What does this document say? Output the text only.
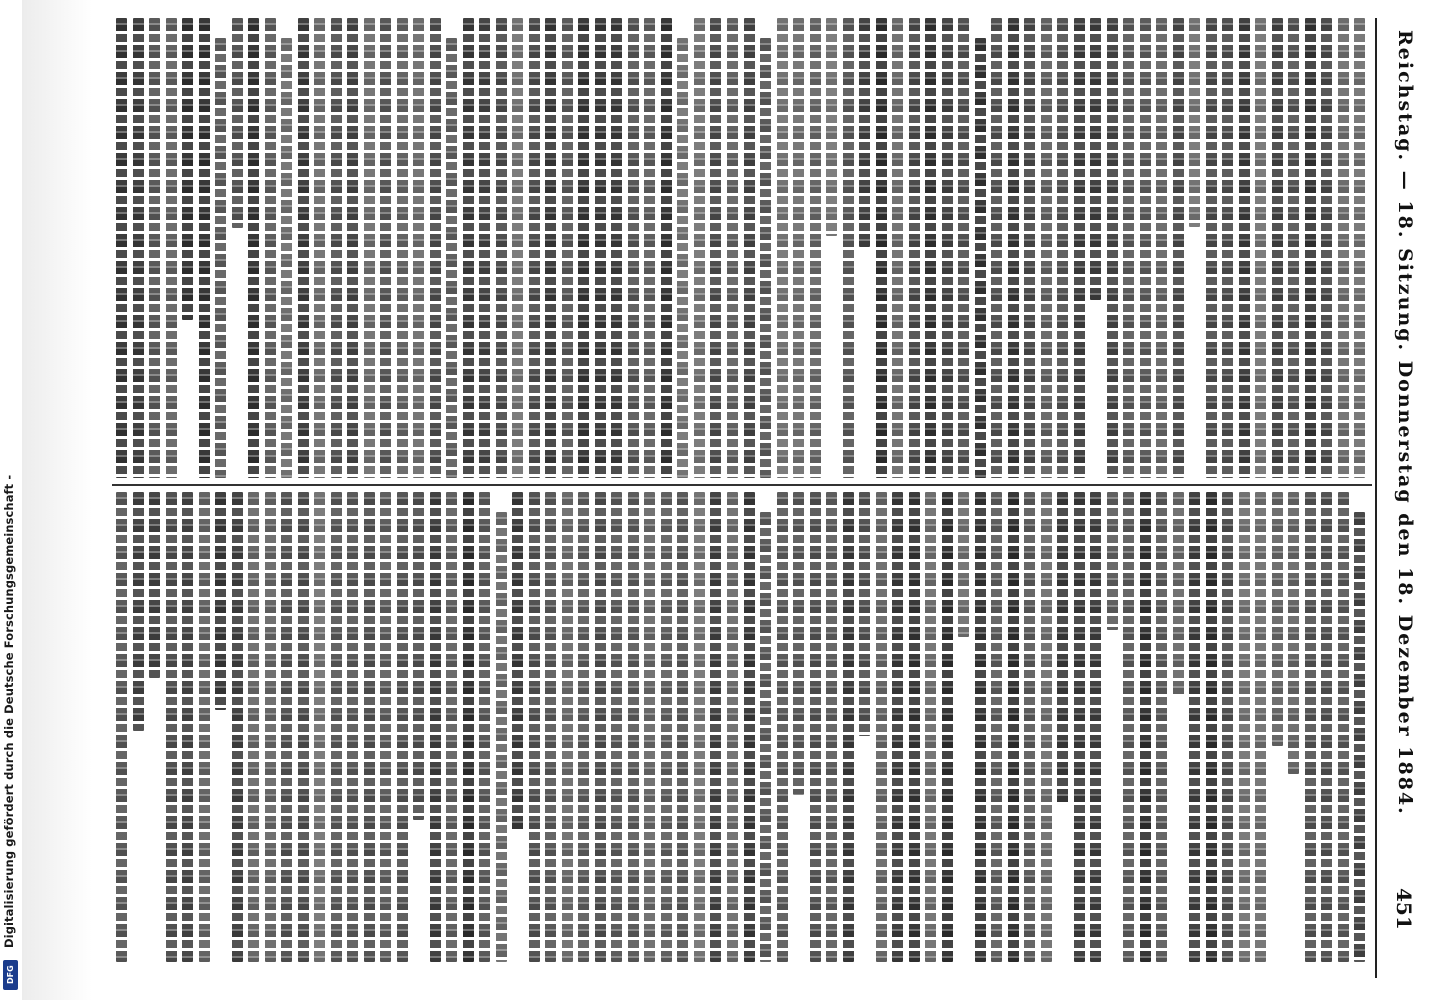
Digitalisierung gefördert durch die Deutsche Forschungsgemeinschaft -
DFG
Reichstag. — 18. Sitzung. Donnerstag den 18. Dezember 1884.
451
